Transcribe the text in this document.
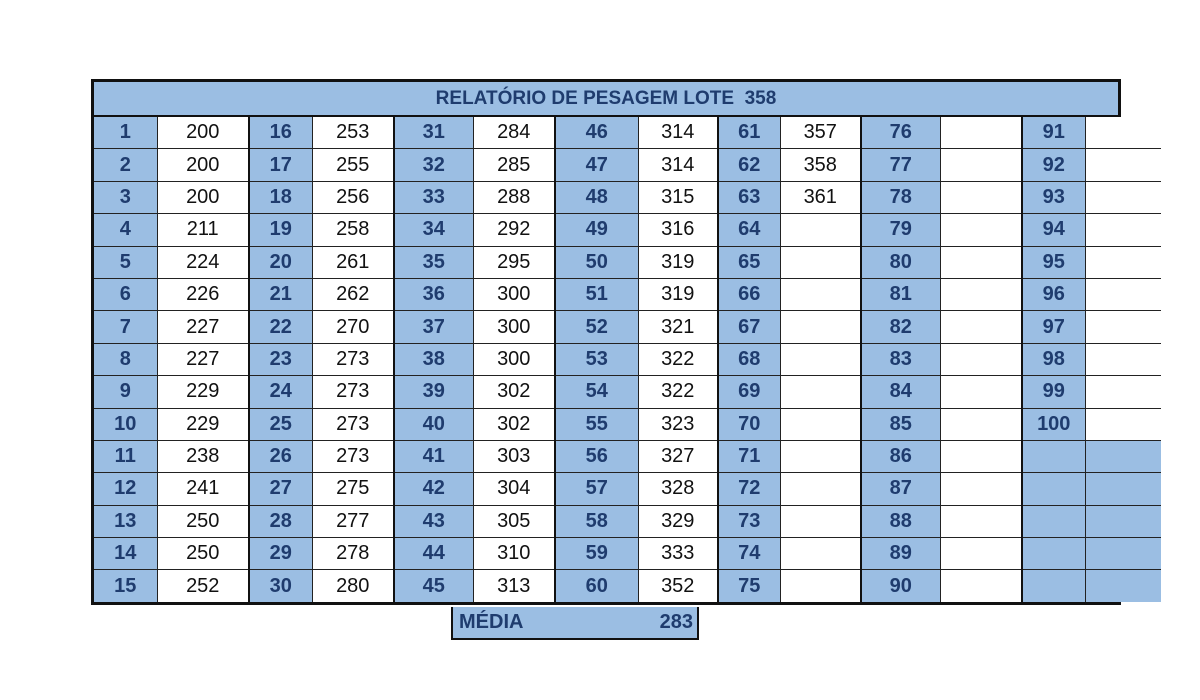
RELATÓRIO DE PESAGEM LOTE  358
1	200	16	253	31	284	46	314	61	357	76		91	
2	200	17	255	32	285	47	314	62	358	77		92	
3	200	18	256	33	288	48	315	63	361	78		93	
4	211	19	258	34	292	49	316	64		79		94	
5	224	20	261	35	295	50	319	65		80		95	
6	226	21	262	36	300	51	319	66		81		96	
7	227	22	270	37	300	52	321	67		82		97	
8	227	23	273	38	300	53	322	68		83		98	
9	229	24	273	39	302	54	322	69		84		99	
10	229	25	273	40	302	55	323	70		85		100	
11	238	26	273	41	303	56	327	71		86			
12	241	27	275	42	304	57	328	72		87			
13	250	28	277	43	305	58	329	73		88			
14	250	29	278	44	310	59	333	74		89			
15	252	30	280	45	313	60	352	75		90			
MÉDIA	283
